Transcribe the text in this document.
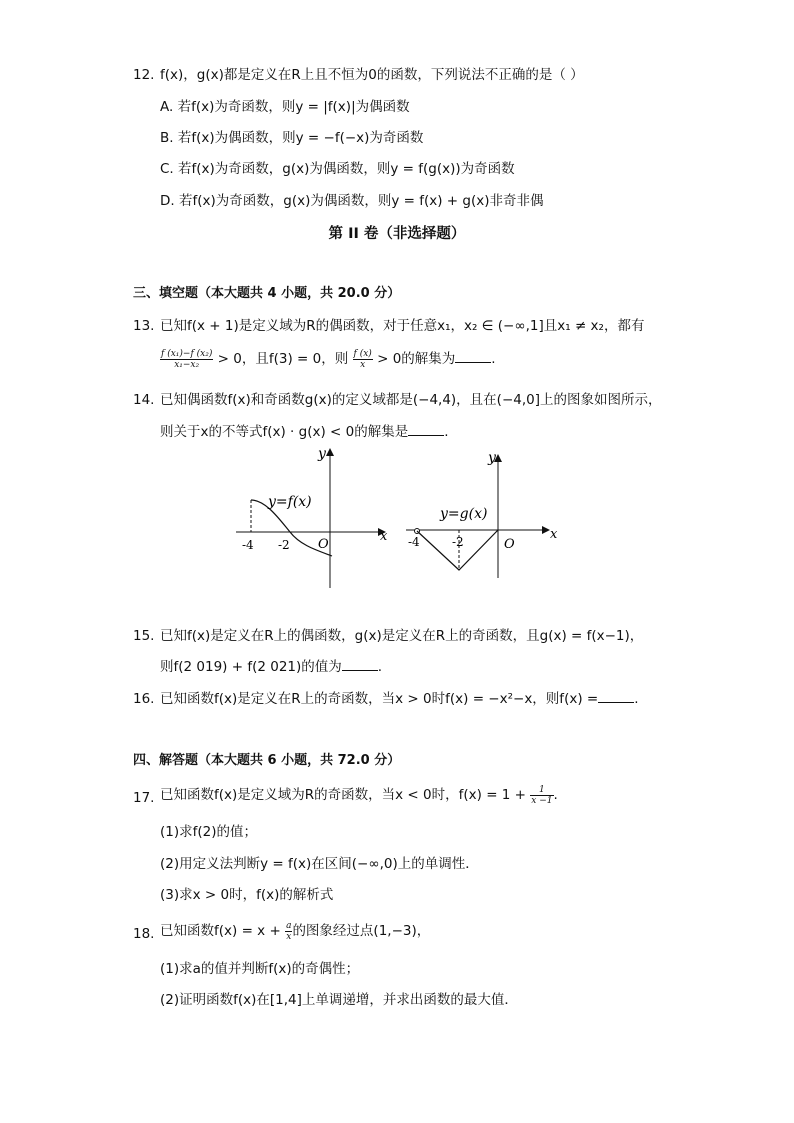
12. f(x)，g(x)都是定义在R上且不恒为0的函数，下列说法不正确的是（ ）
A. 若f(x)为奇函数，则y = |f(x)|为偶函数
B. 若f(x)为偶函数，则y = −f(−x)为奇函数
C. 若f(x)为奇函数，g(x)为偶函数，则y = f(g(x))为奇函数
D. 若f(x)为奇函数，g(x)为偶函数，则y = f(x) + g(x)非奇非偶
第 II 卷（非选择题）
三、填空题（本大题共 4 小题，共 20.0 分）
13. 已知f(x + 1)是定义域为R的偶函数，对于任意x₁，x₂ ∈ (−∞,1]且x₁ ≠ x₂，都有
$\frac{\text{f (x₁)−f (x₂)}}{\text{x₁−x₂}} > 0$，且f(3) = 0，则 $\frac{f (x)}{x} > 0$的解集为	.
14. 已知偶函数f(x)和奇函数g(x)的定义域都是(−4,4)，且在(−4,0]上的图象如图所示，
则关于x的不等式f(x) · g(x) < 0的解集是	.
y=f(x)
y
x
O
-4 -2
y=g(x)
y
x
O
-4	-2
15. 已知f(x)是定义在R上的偶函数，g(x)是定义在R上的奇函数，且g(x) = f(x−1)，
则f(2 019) + f(2 021)的值为	.
16. 已知函数f(x)是定义在R上的奇函数，当x > 0时f(x) = −x²−x，则f(x) =	.
四、解答题（本大题共 6 小题，共 72.0 分）
17. 已知函数f(x)是定义域为R的奇函数，当x < 0时，$f(x) = 1 + \frac{1}{x -1}$ .
(1)求f(2)的值；
(2)用定义法判断y = f(x)在区间(−∞,0)上的单调性．
(3)求x > 0时，f(x)的解析式
18. 已知函数$f(x) = x + \frac{a}{x}$ 的图象经过点(1,−3)，
(1)求a的值并判断f(x)的奇偶性；
(2)证明函数f(x)在[1,4]上单调递增，并求出函数的最大值．
